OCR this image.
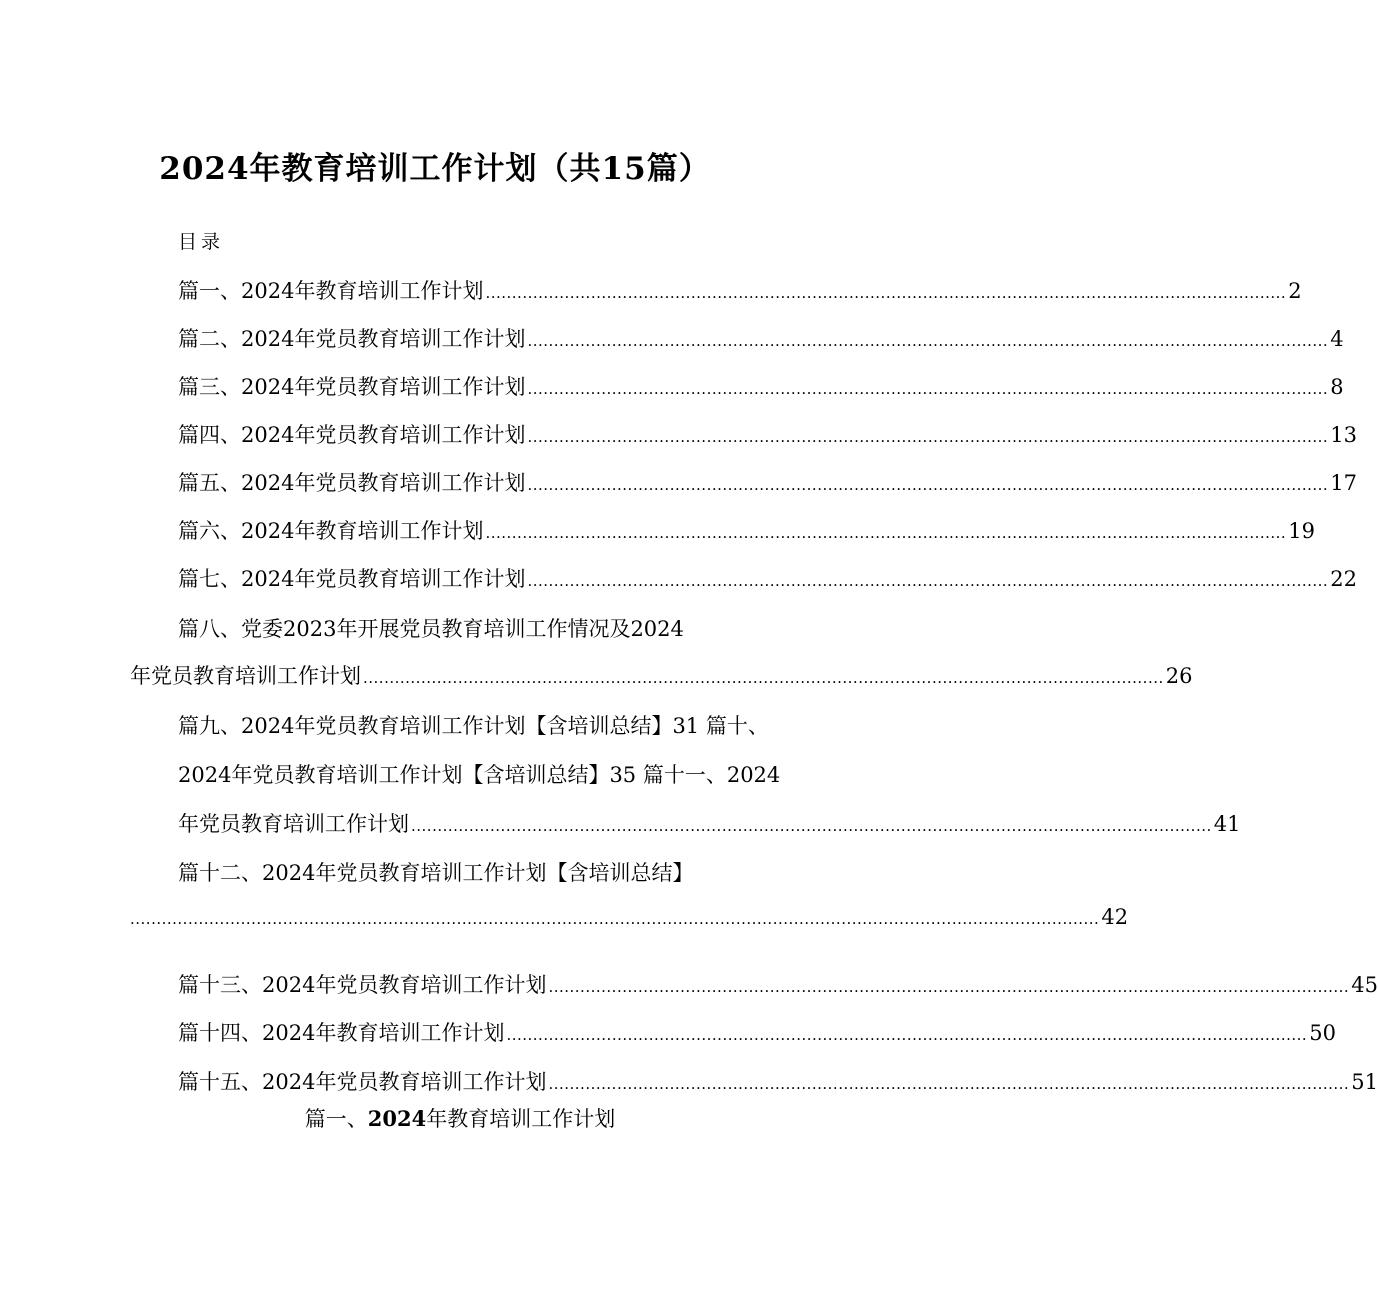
2024年教育培训工作计划（共15篇）
目录
篇一、2024年教育培训工作计划 ........................................................................................................................................................ 2
篇二、2024年党员教育培训工作计划 ........................................................................................................................................................ 4
篇三、2024年党员教育培训工作计划 ........................................................................................................................................................ 8
篇四、2024年党员教育培训工作计划 ........................................................................................................................................................ 13
篇五、2024年党员教育培训工作计划 ........................................................................................................................................................ 17
篇六、2024年教育培训工作计划 ........................................................................................................................................................ 19
篇七、2024年党员教育培训工作计划 ........................................................................................................................................................ 22
篇八、党委2023年开展党员教育培训工作情况及2024
年党员教育培训工作计划 ........................................................................................................................................................ 26
篇九、2024年党员教育培训工作计划【含培训总结】31 篇十、
2024年党员教育培训工作计划【含培训总结】35 篇十一、2024
年党员教育培训工作计划 ........................................................................................................................................................ 41
篇十二、2024年党员教育培训工作计划【含培训总结】
........................................................................................................................................................................................ 42
篇十三、2024年党员教育培训工作计划 ........................................................................................................................................................ 45
篇十四、2024年教育培训工作计划 ........................................................................................................................................................ 50
篇十五、2024年党员教育培训工作计划 ........................................................................................................................................................ 51
篇一、2024年教育培训工作计划
